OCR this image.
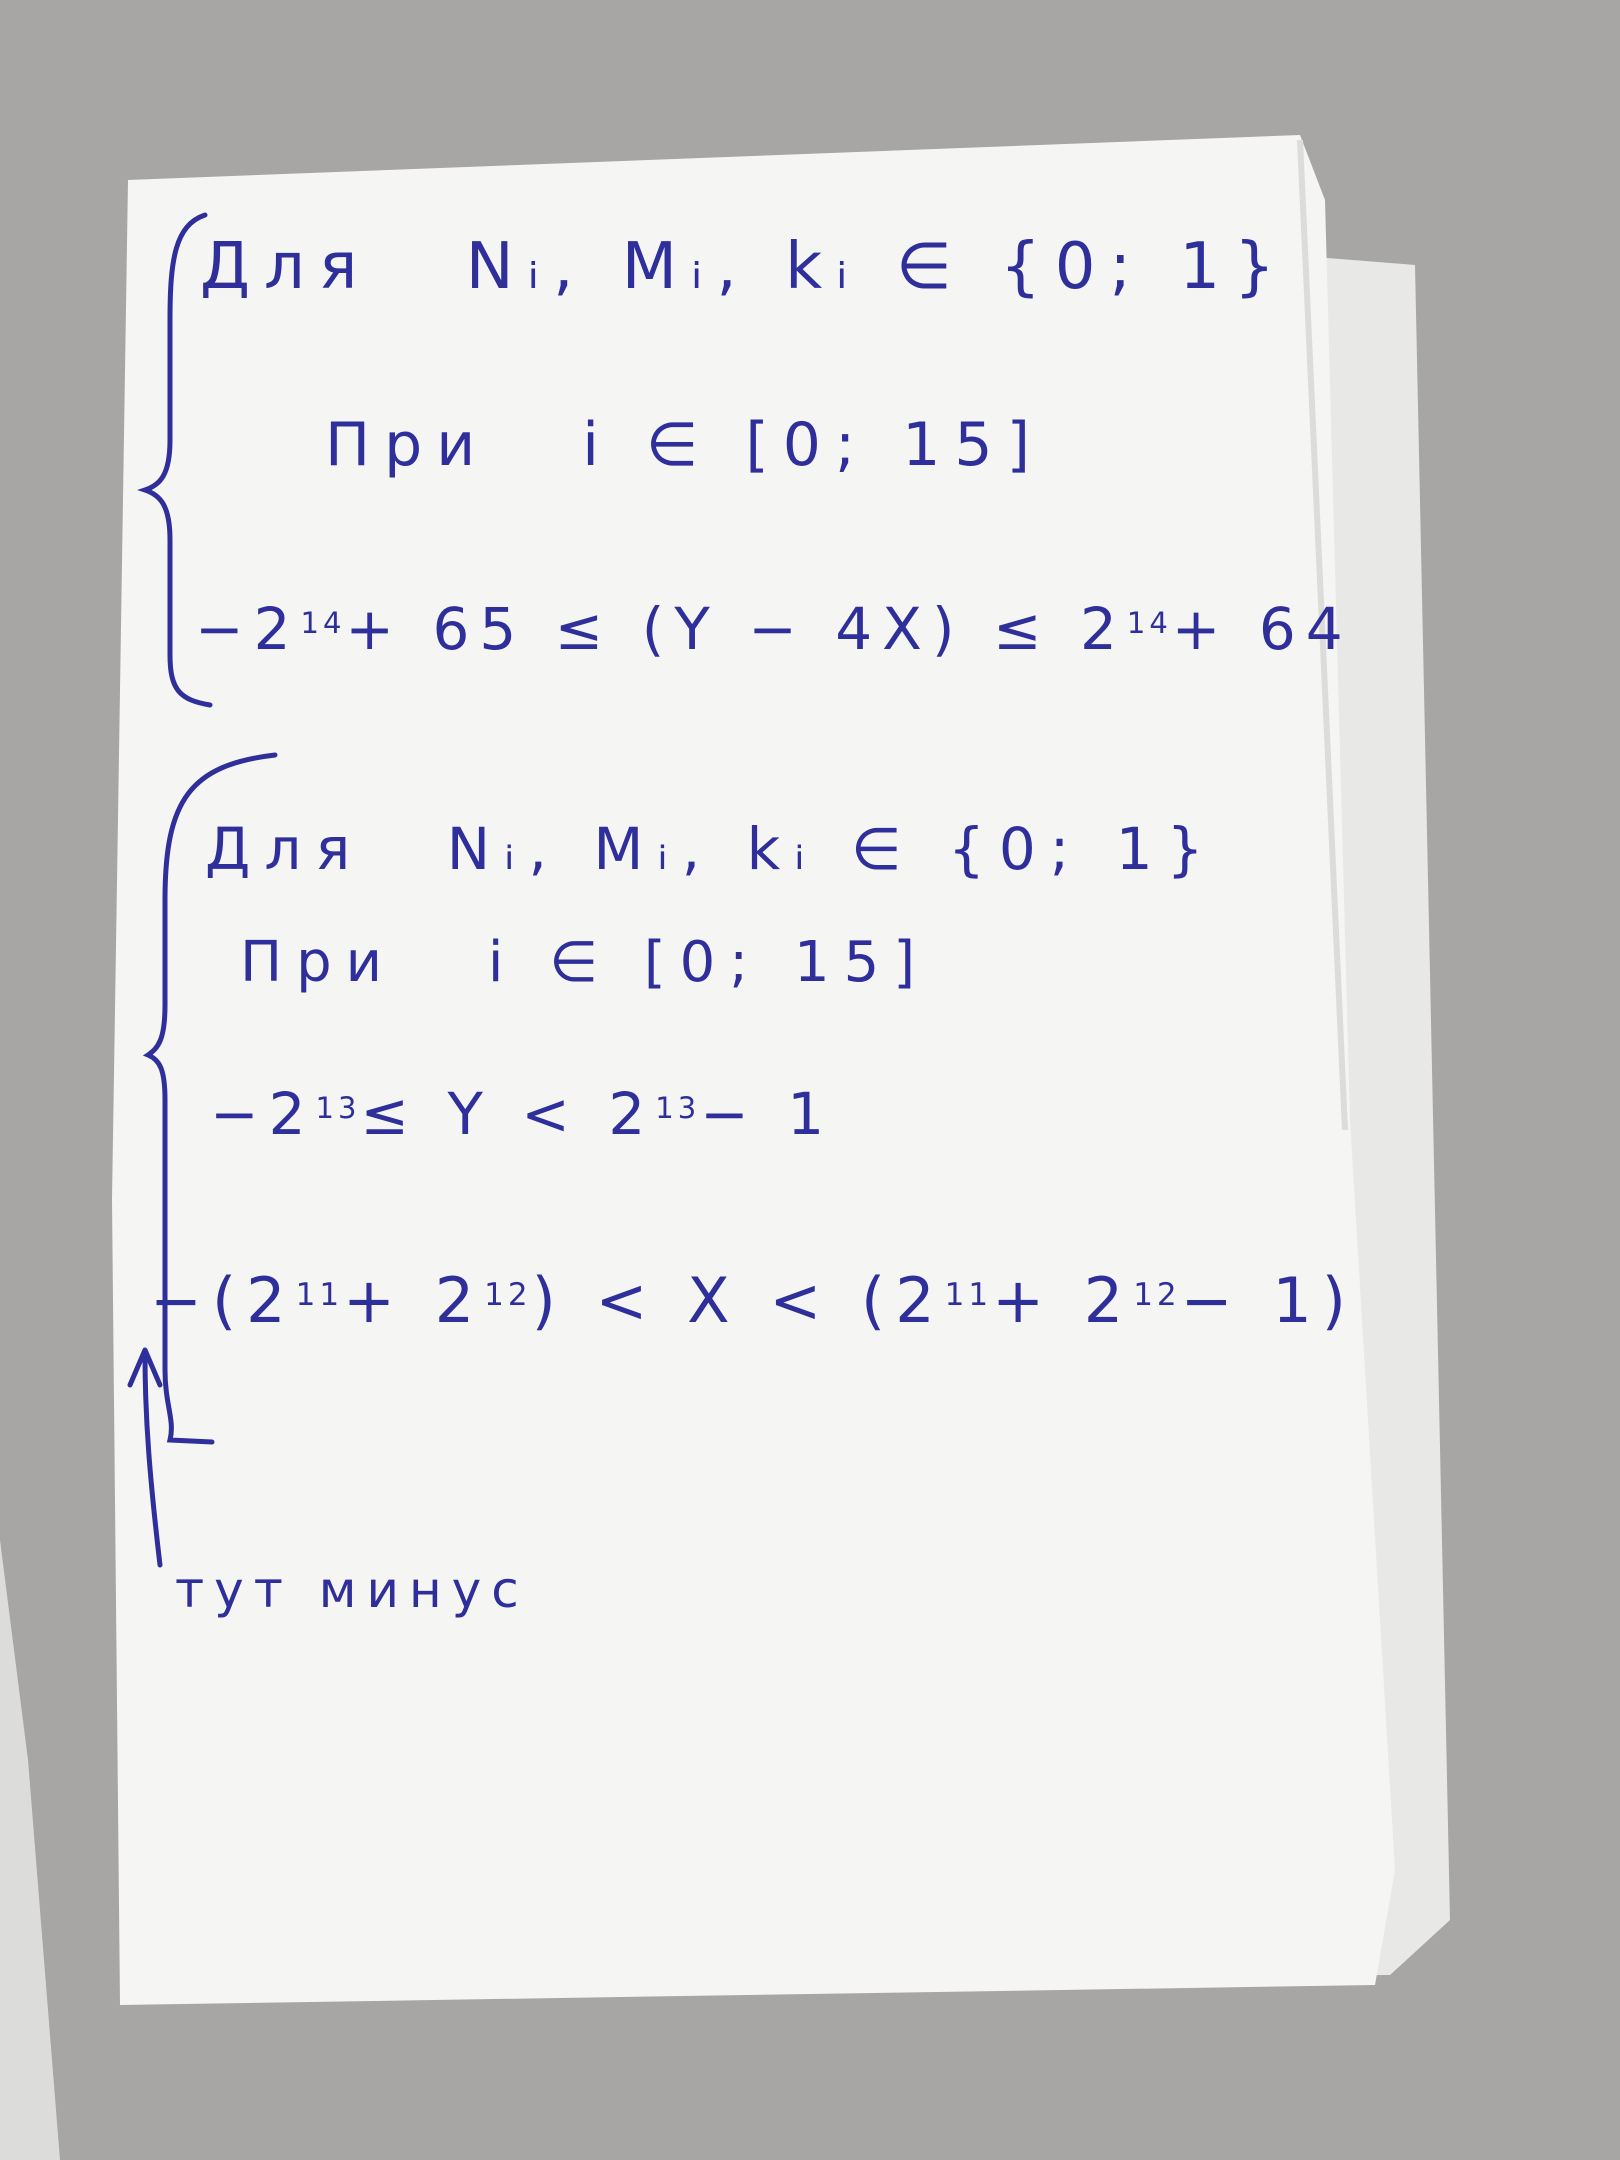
Для Nᵢ, Mᵢ, kᵢ ∈ {0; 1}
При i ∈ [0; 15]
$-2^{14}+ 65 \le (Y - 4X) \le 2^{14}+ 64$
Для Nᵢ, Mᵢ, kᵢ ∈ {0; 1}
При i ∈ [0; 15]
$-2^{13}\le Y < 2^{13}- 1$
$-(2^{11}+ 2^{12}) < X < (2^{11}+ 2^{12}- 1)$
тут минус
